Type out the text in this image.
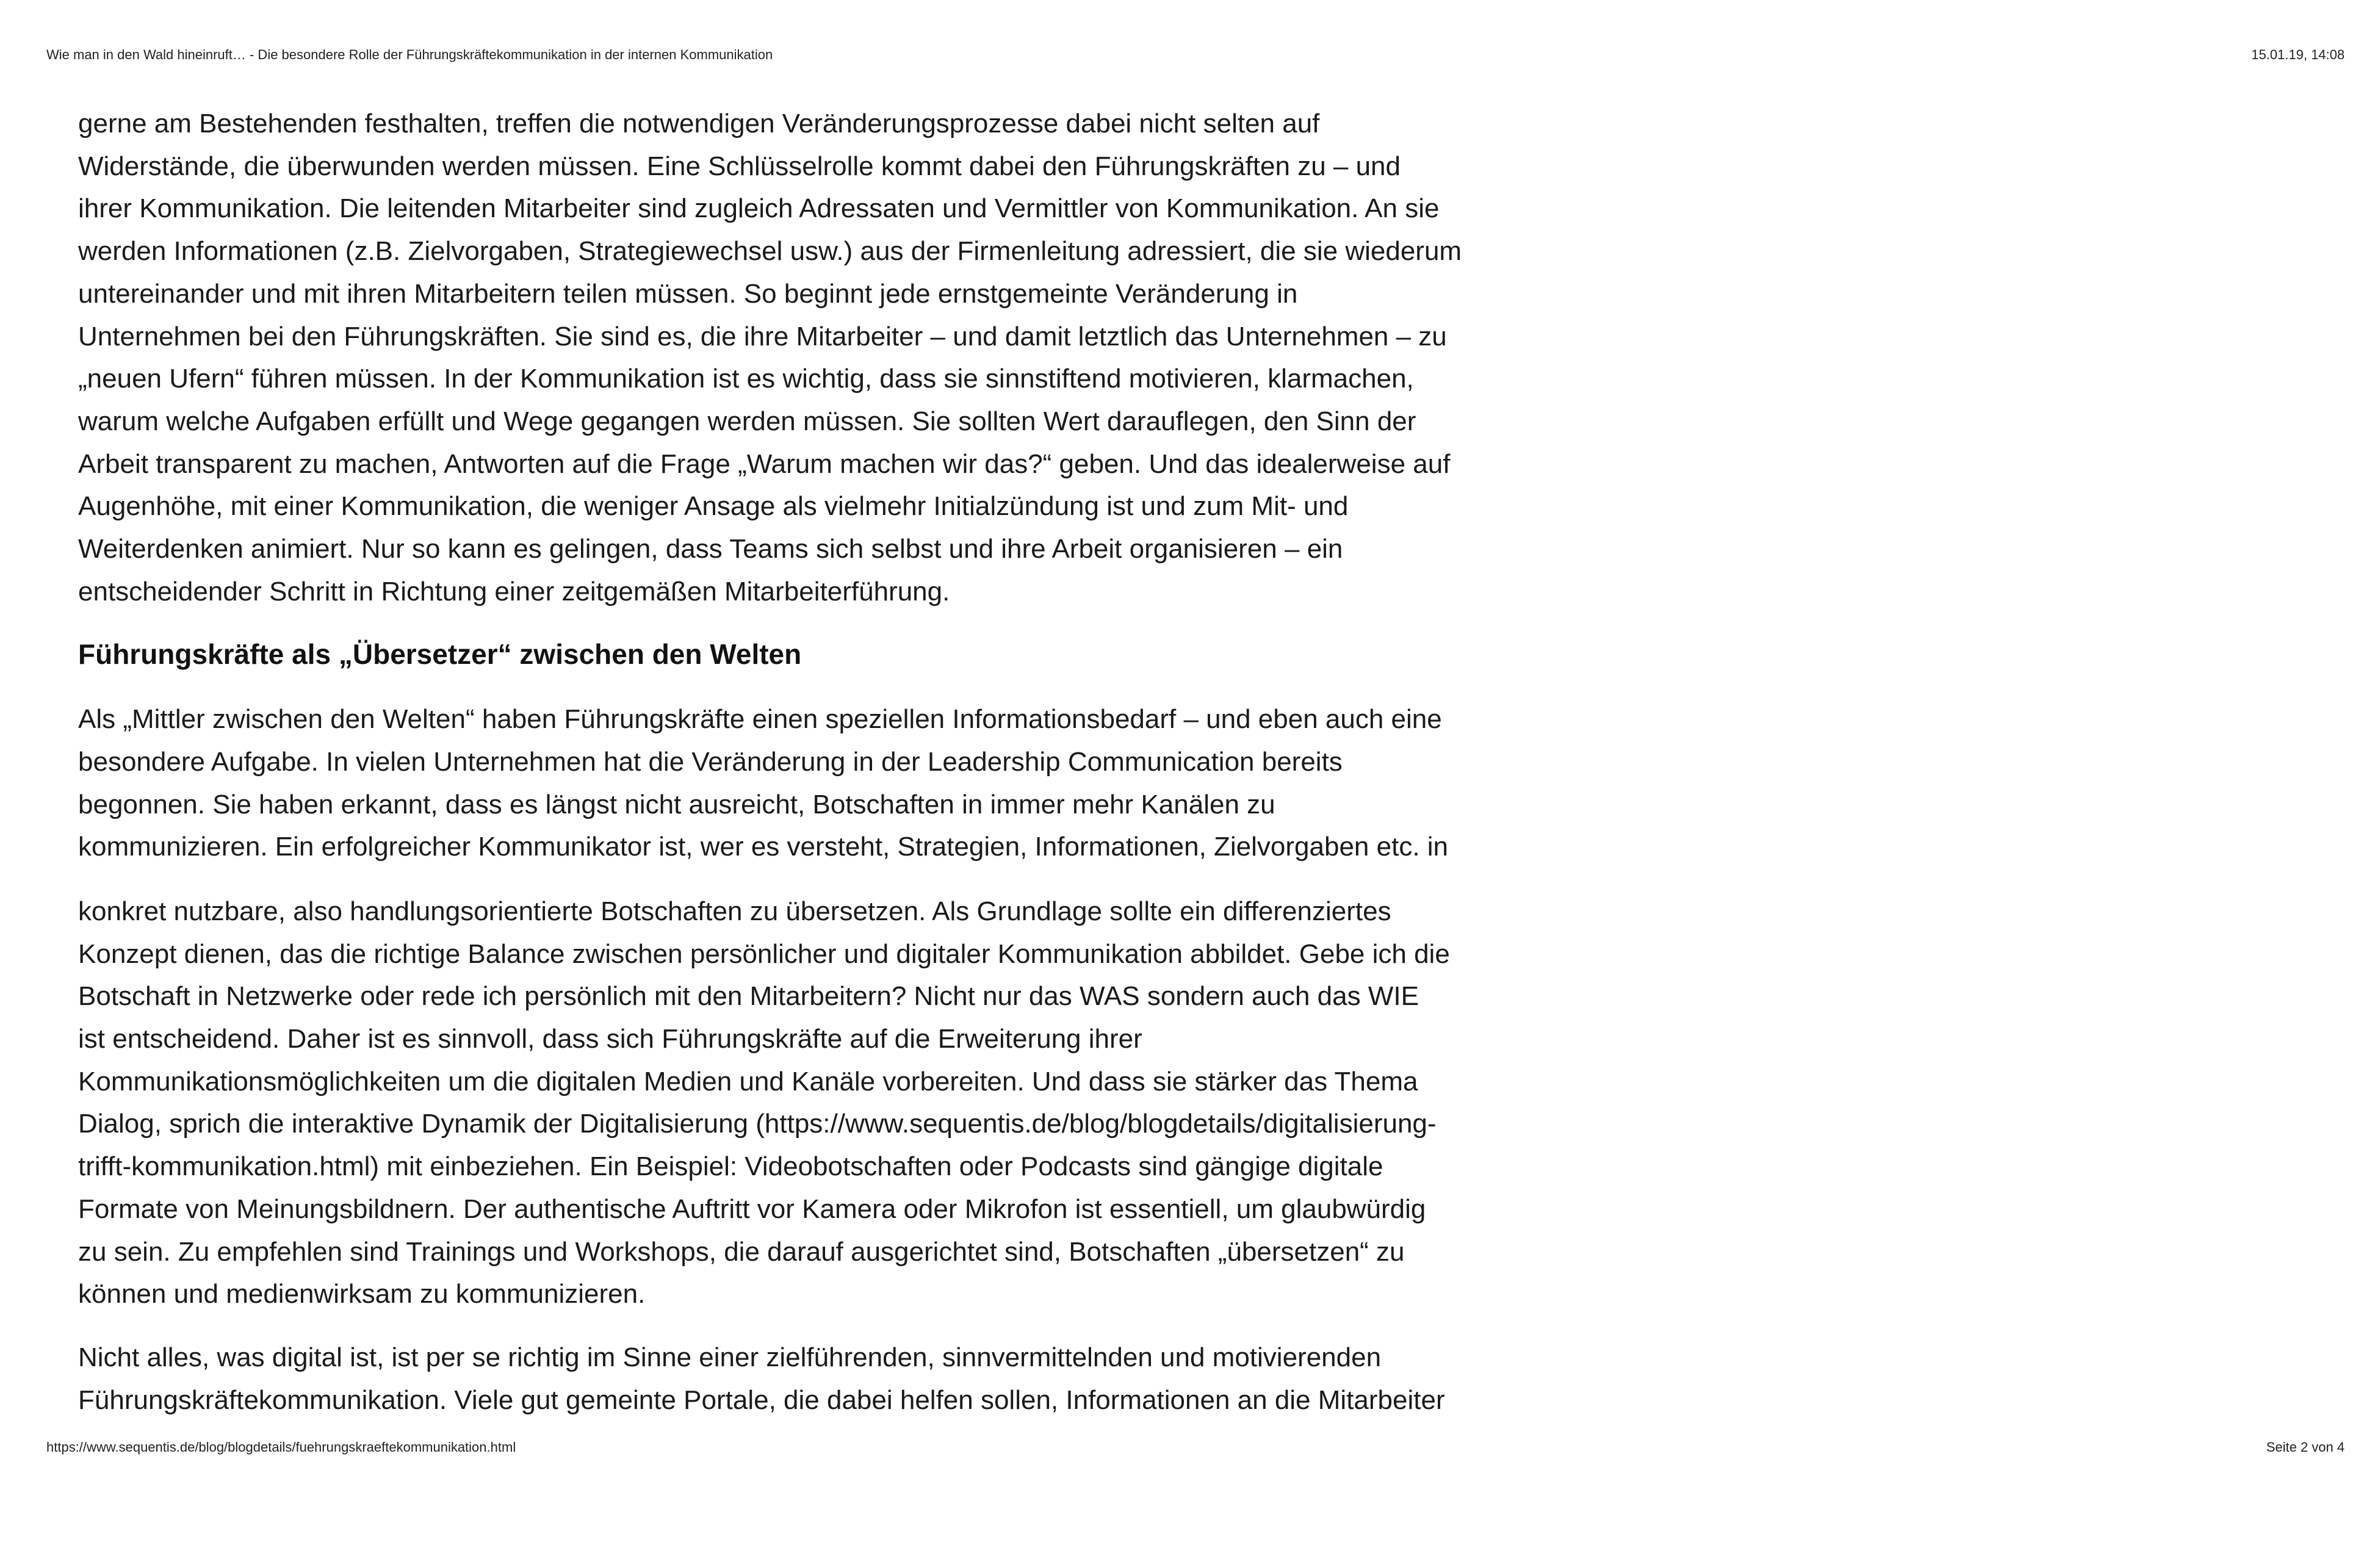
Wie man in den Wald hineinruft… - Die besondere Rolle der Führungskräftekommunikation in der internen Kommunikation	15.01.19, 14:08
gerne am Bestehenden festhalten, treffen die notwendigen Veränderungsprozesse dabei nicht selten auf
Widerstände, die überwunden werden müssen. Eine Schlüsselrolle kommt dabei den Führungskräften zu – und
ihrer Kommunikation. Die leitenden Mitarbeiter sind zugleich Adressaten und Vermittler von Kommunikation. An sie
werden Informationen (z.B. Zielvorgaben, Strategiewechsel usw.) aus der Firmenleitung adressiert, die sie wiederum
untereinander und mit ihren Mitarbeitern teilen müssen. So beginnt jede ernstgemeinte Veränderung in
Unternehmen bei den Führungskräften. Sie sind es, die ihre Mitarbeiter – und damit letztlich das Unternehmen – zu
„neuen Ufern“ führen müssen. In der Kommunikation ist es wichtig, dass sie sinnstiftend motivieren, klarmachen,
warum welche Aufgaben erfüllt und Wege gegangen werden müssen. Sie sollten Wert darauflegen, den Sinn der
Arbeit transparent zu machen, Antworten auf die Frage „Warum machen wir das?“ geben. Und das idealerweise auf
Augenhöhe, mit einer Kommunikation, die weniger Ansage als vielmehr Initialzündung ist und zum Mit- und
Weiterdenken animiert. Nur so kann es gelingen, dass Teams sich selbst und ihre Arbeit organisieren – ein
entscheidender Schritt in Richtung einer zeitgemäßen Mitarbeiterführung.
Führungskräfte als „Übersetzer“ zwischen den Welten
Als „Mittler zwischen den Welten“ haben Führungskräfte einen speziellen Informationsbedarf – und eben auch eine
besondere Aufgabe. In vielen Unternehmen hat die Veränderung in der Leadership Communication bereits
begonnen. Sie haben erkannt, dass es längst nicht ausreicht, Botschaften in immer mehr Kanälen zu
kommunizieren. Ein erfolgreicher Kommunikator ist, wer es versteht, Strategien, Informationen, Zielvorgaben etc. in
konkret nutzbare, also handlungsorientierte Botschaften zu übersetzen. Als Grundlage sollte ein differenziertes
Konzept dienen, das die richtige Balance zwischen persönlicher und digitaler Kommunikation abbildet. Gebe ich die
Botschaft in Netzwerke oder rede ich persönlich mit den Mitarbeitern? Nicht nur das WAS sondern auch das WIE
ist entscheidend. Daher ist es sinnvoll, dass sich Führungskräfte auf die Erweiterung ihrer
Kommunikationsmöglichkeiten um die digitalen Medien und Kanäle vorbereiten. Und dass sie stärker das Thema
Dialog, sprich die interaktive Dynamik der Digitalisierung (https://www.sequentis.de/blog/blogdetails/digitalisierung-
trifft-kommunikation.html) mit einbeziehen. Ein Beispiel: Videobotschaften oder Podcasts sind gängige digitale
Formate von Meinungsbildnern. Der authentische Auftritt vor Kamera oder Mikrofon ist essentiell, um glaubwürdig
zu sein. Zu empfehlen sind Trainings und Workshops, die darauf ausgerichtet sind, Botschaften „übersetzen“ zu
können und medienwirksam zu kommunizieren.
Nicht alles, was digital ist, ist per se richtig im Sinne einer zielführenden, sinnvermittelnden und motivierenden
Führungskräftekommunikation. Viele gut gemeinte Portale, die dabei helfen sollen, Informationen an die Mitarbeiter
https://www.sequentis.de/blog/blogdetails/fuehrungskraeftekommunikation.html	Seite 2 von 4
